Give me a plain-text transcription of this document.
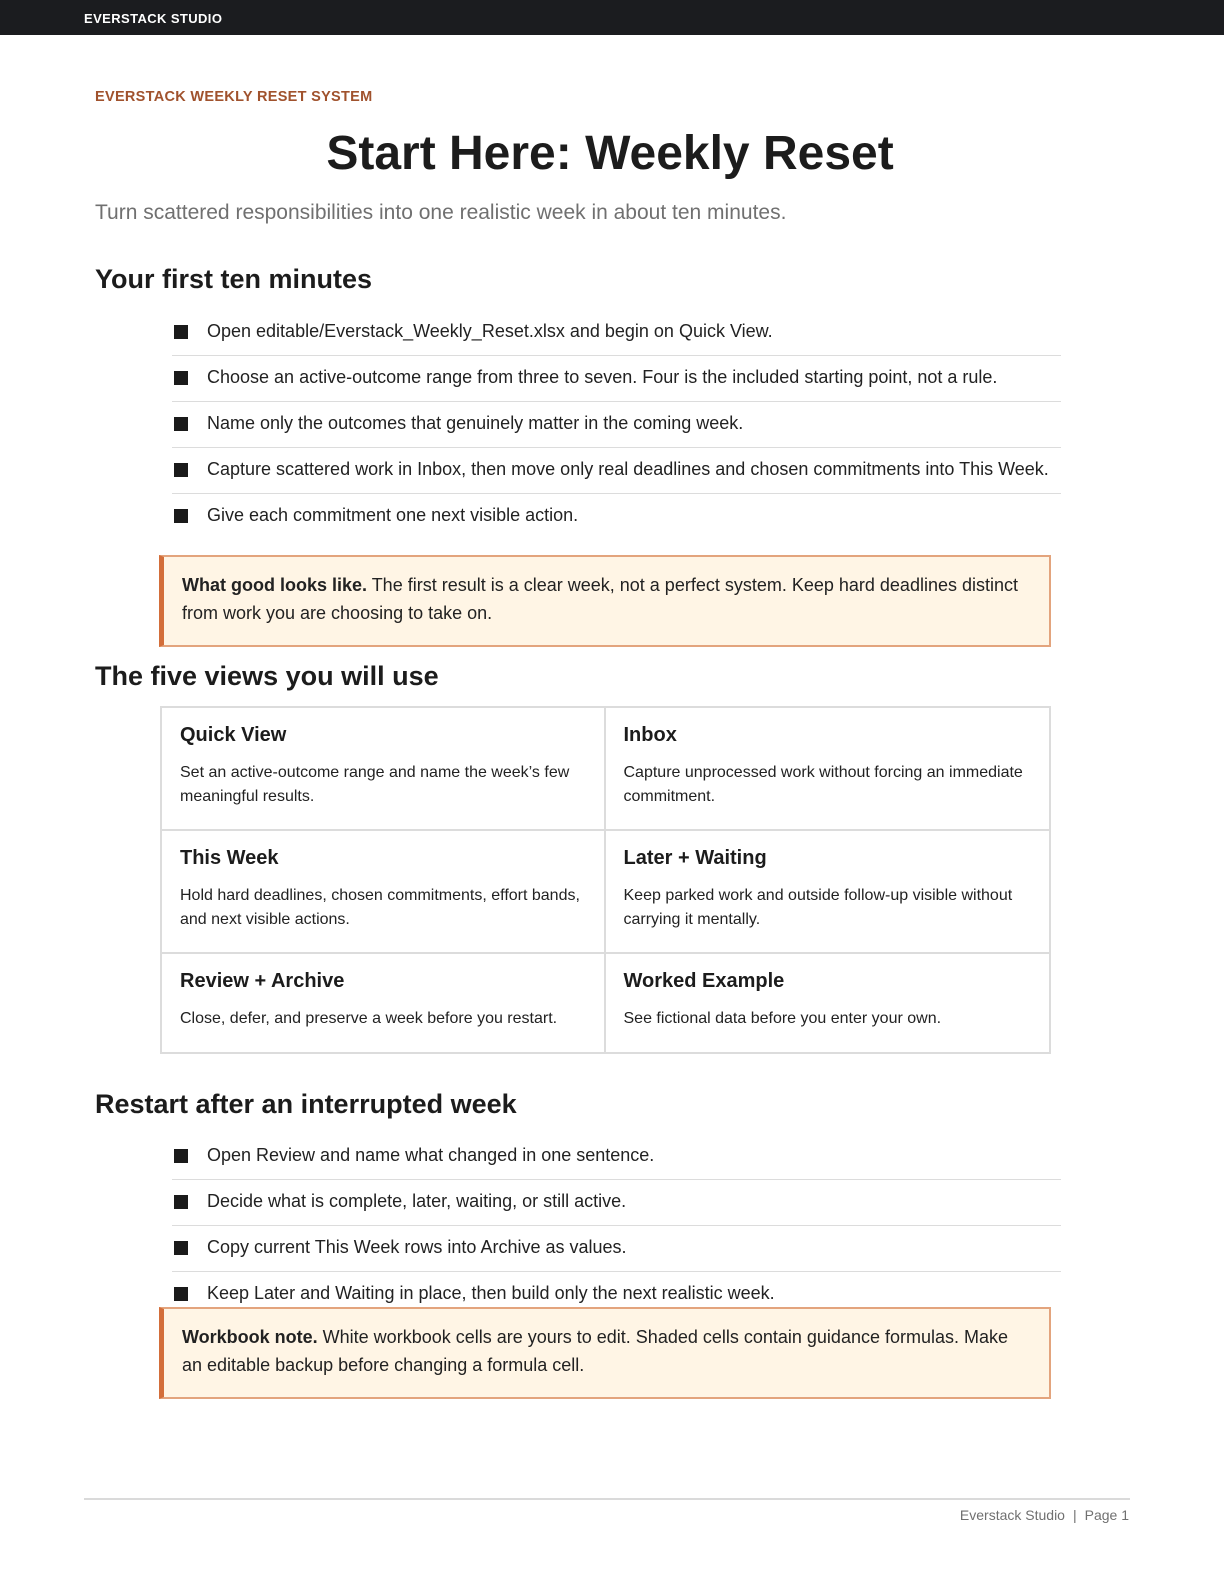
EVERSTACK STUDIO
EVERSTACK WEEKLY RESET SYSTEM
Start Here: Weekly Reset

Turn scattered responsibilities into one realistic week in about ten minutes.

Your first ten minutes
Open editable/Everstack_Weekly_Reset.xlsx and begin on Quick View.
Choose an active-outcome range from three to seven. Four is the included starting point, not a rule.
Name only the outcomes that genuinely matter in the coming week.
Capture scattered work in Inbox, then move only real deadlines and chosen commitments into This Week.
Give each commitment one next visible action.
What good looks like. The first result is a clear week, not a perfect system. Keep hard deadlines distinct from work you are choosing to take on.
The five views you will use
Quick View
Set an active-outcome range and name the week’s few meaningful results.
Inbox
Capture unprocessed work without forcing an immediate commitment.
This Week
Hold hard deadlines, chosen commitments, effort bands, and next visible actions.
Later + Waiting
Keep parked work and outside follow-up visible without carrying it mentally.
Review + Archive
Close, defer, and preserve a week before you restart.
Worked Example
See fictional data before you enter your own.
Restart after an interrupted week
Open Review and name what changed in one sentence.
Decide what is complete, later, waiting, or still active.
Copy current This Week rows into Archive as values.
Keep Later and Waiting in place, then build only the next realistic week.
Workbook note. White workbook cells are yours to edit. Shaded cells contain guidance formulas. Make an editable backup before changing a formula cell.
Everstack Studio | Page 1
